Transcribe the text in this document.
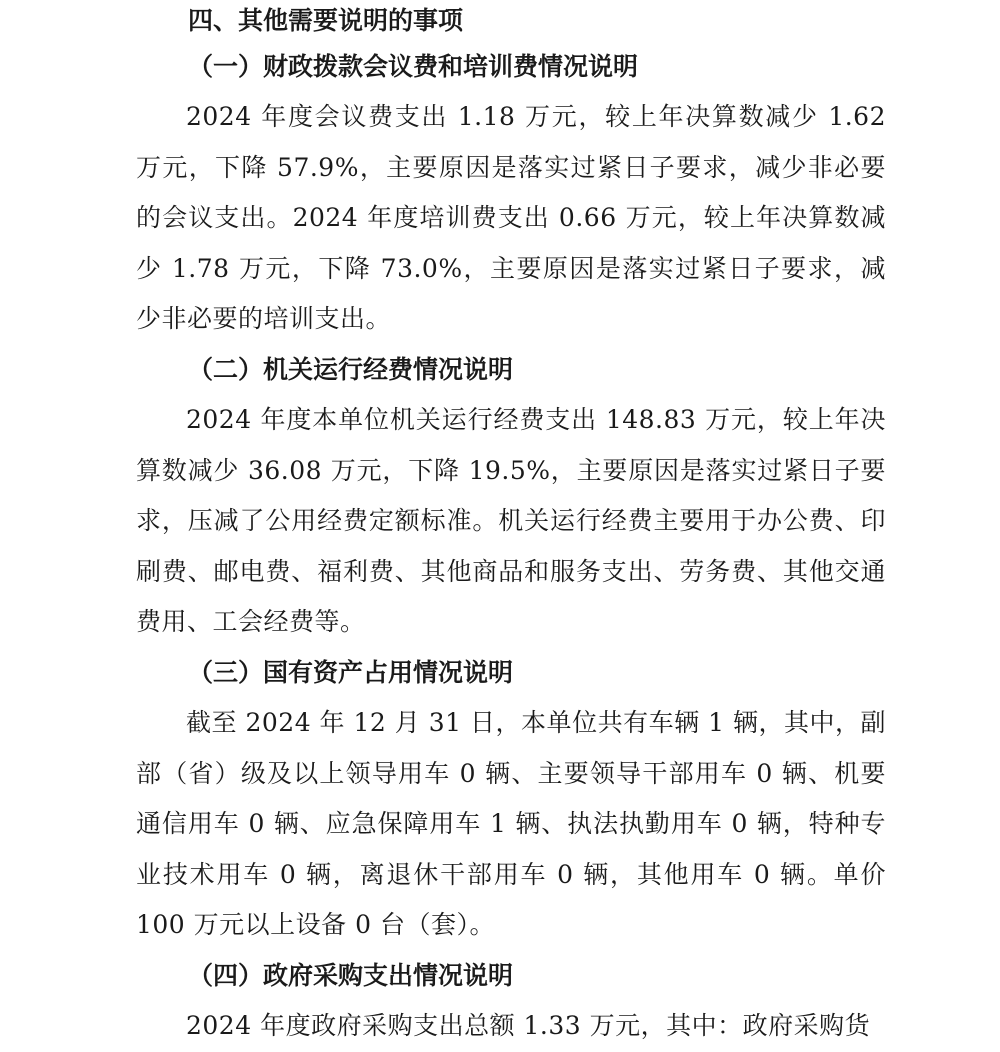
四、其他需要说明的事项
（一）财政拨款会议费和培训费情况说明

2024 年度会议费支出 1.18 万元，较上年决算数减少 1.62 万元，下降 57.9%，主要原因是落实过紧日子要求，减少非必要的会议支出。2024 年度培训费支出 0.66 万元，较上年决算数减少 1.78 万元，下降 73.0%，主要原因是落实过紧日子要求，减少非必要的培训支出。

（二）机关运行经费情况说明

2024 年度本单位机关运行经费支出 148.83 万元，较上年决算数减少 36.08 万元，下降 19.5%，主要原因是落实过紧日子要求，压减了公用经费定额标准。机关运行经费主要用于办公费、印刷费、邮电费、福利费、其他商品和服务支出、劳务费、其他交通费用、工会经费等。

（三）国有资产占用情况说明

截至 2024 年 12 月 31 日，本单位共有车辆 1 辆，其中，副部（省）级及以上领导用车 0 辆、主要领导干部用车 0 辆、机要通信用车 0 辆、应急保障用车 1 辆、执法执勤用车 0 辆，特种专业技术用车 0 辆，离退休干部用车 0 辆，其他用车 0 辆。单价 100 万元以上设备 0 台（套）。

（四）政府采购支出情况说明

2024 年度政府采购支出总额 1.33 万元，其中：政府采购货
